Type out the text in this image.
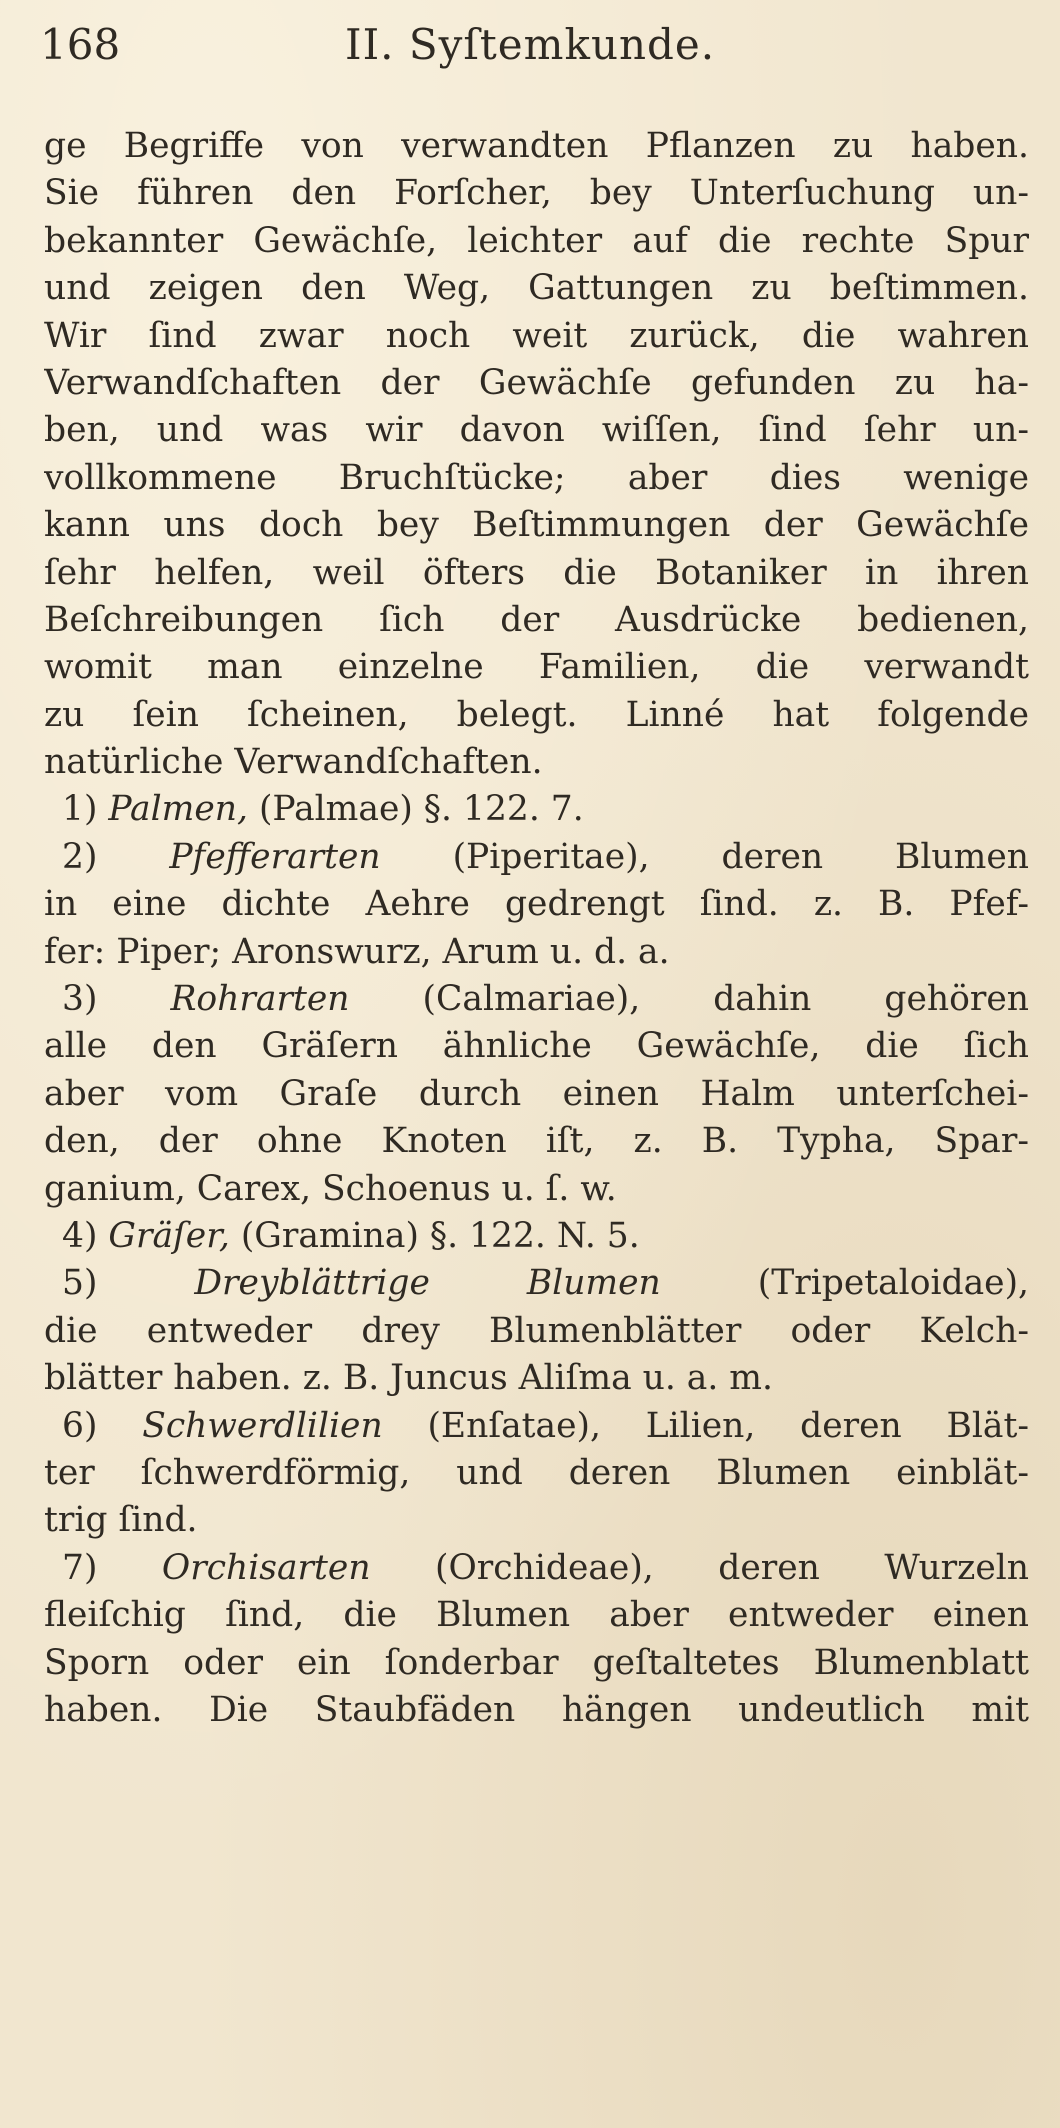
168	II. Syſtemkunde.
ge Begriffe von verwandten Pflanzen zu haben.
Sie führen den Forſcher, bey Unterſuchung un-
bekannter Gewächſe, leichter auf die rechte Spur
und zeigen den Weg, Gattungen zu beſtimmen.
Wir ſind zwar noch weit zurück, die wahren
Verwandſchaften der Gewächſe gefunden zu ha-
ben, und was wir davon wiſſen, ſind ſehr un-
vollkommene Bruchſtücke; aber dies wenige
kann uns doch bey Beſtimmungen der Gewächſe
ſehr helfen, weil öfters die Botaniker in ihren
Beſchreibungen ſich der Ausdrücke bedienen,
womit man einzelne Familien, die verwandt
zu ſein ſcheinen, belegt. Linné hat folgende
natürliche Verwandſchaften.
1) Palmen, (Palmae) §. 122. 7.
2) Pfefferarten (Piperitae), deren Blumen
in eine dichte Aehre gedrengt ſind. z. B. Pfef-
fer: Piper; Aronswurz, Arum u. d. a.
3) Rohrarten (Calmariae), dahin gehören
alle den Gräſern ähnliche Gewächſe, die ſich
aber vom Graſe durch einen Halm unterſchei-
den, der ohne Knoten iſt, z. B. Typha, Spar-
ganium, Carex, Schoenus u. ſ. w.
4) Gräſer, (Gramina) §. 122. N. 5.
5)	Dreyblättrige Blumen	(Tripetaloidae),
die entweder drey Blumenblätter oder Kelch-
blätter haben. z. B. Juncus Aliſma u. a. m.
6) Schwerdlilien (Enſatae), Lilien, deren Blät-
ter ſchwerdförmig, und deren Blumen einblät-
trig ſind.
7) Orchisarten (Orchideae), deren Wurzeln
fleiſchig ſind, die Blumen aber entweder einen
Sporn oder ein ſonderbar geſtaltetes Blumenblatt
haben. Die Staubfäden hängen undeutlich mit
